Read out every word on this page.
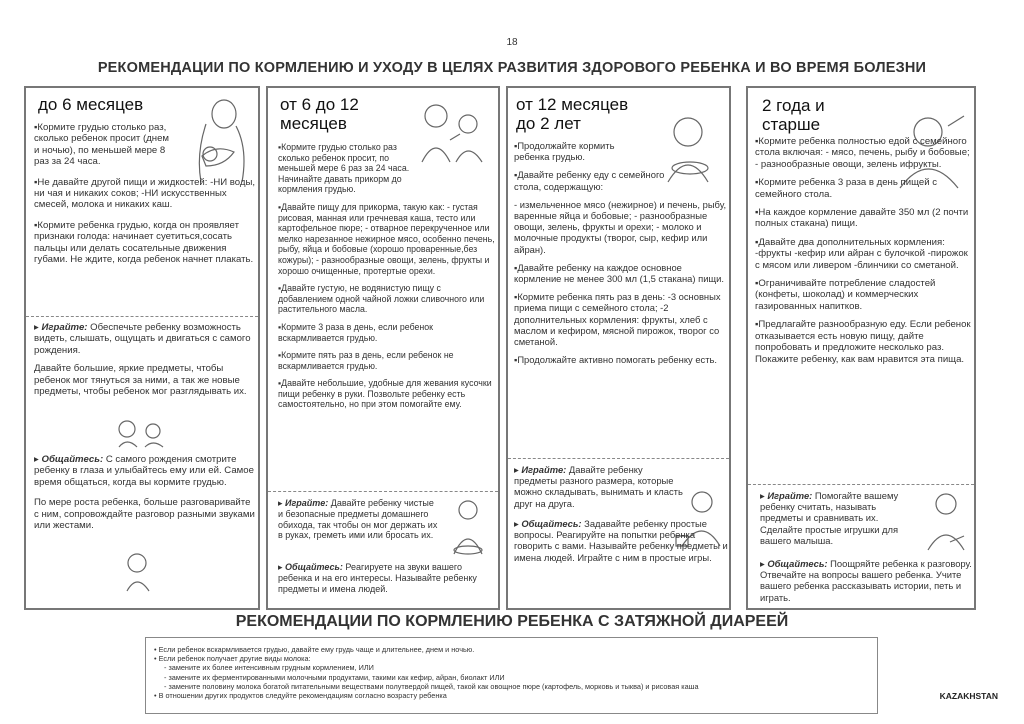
18
РЕКОМЕНДАЦИИ ПО КОРМЛЕНИЮ И УХОДУ В ЦЕЛЯХ РАЗВИТИЯ ЗДОРОВОГО РЕБЕНКА И ВО ВРЕМЯ БОЛЕЗНИ
до 6 месяцев

▪Кормите грудью столько раз, сколько ребенок просит (днем и ночью), по меньшей мере 8 раз за 24 часа.

▪Не давайте другой пищи и жидкостей: -НИ воды, ни чая и никаких соков; -НИ искусственных смесей, молока и никаких каш.

▪Кормите ребенка грудью, когда он проявляет признаки голода: начинает суетиться,сосать пальцы или делать сосательные движения губами. Не ждите, когда ребенок начнет плакать.

▸ Играйте: Обеспечьте ребенку возможность видеть, слышать, ощущать и двигаться с самого рождения.

Давайте большие, яркие предметы, чтобы ребенок мог тянуться за ними, а так же новые предметы, чтобы ребенок мог разглядывать их.

▸ Общайтесь: С самого рождения смотрите ребенку в глаза и улыбайтесь ему или ей. Самое время общаться, когда вы кормите грудью.

По мере роста ребенка, больше разговаривайте с ним, сопровождайте разговор разными звуками или жестами.

от 6 до 12 месяцев

▪Кормите грудью столько раз сколько ребенок просит, по меньшей мере 6 раз за 24 часа. Начинайте давать прикорм до кормления грудью.

▪Давайте пищу для прикорма, такую как: - густая рисовая, манная или гречневая каша, тесто или картофельное пюре; - отварное перекрученное или мелко нарезанное нежирное мясо, особенно печень, рыбу, яйца и бобовые (хорошо проваренные,без кожуры); - разнообразные овощи, зелень, фрукты и хорошо очищенные, протертые орехи.

▪Давайте густую, не водянистую пищу с добавлением одной чайной ложки сливочного или растительного масла.

▪Кормите 3 раза в день, если ребенок вскармливается грудью.

▪Кормите пять раз в день, если ребенок не вскармливается грудью.

▪Давайте небольшие, удобные для жевания кусочки пищи ребенку в руки. Позвольте ребенку есть самостоятельно, но при этом помогайте ему.

▸ Играйте: Давайте ребенку чистые и безопасные предметы домашнего обихода, так чтобы он мог держать их в руках, греметь ими или бросать их.

▸ Общайтесь: Реагируете на звуки вашего ребенка и на его интересы. Называйте ребенку предметы и имена людей.

от 12 месяцев до 2 лет

▪Продолжайте кормить ребенка грудью.

▪Давайте ребенку еду с семейного стола, содержащую:

- измельченное мясо (нежирное) и печень, рыбу, варенные яйца и бобовые; - разнообразные овощи, зелень, фрукты и орехи; - молоко и молочные продукты (творог, сыр, кефир или айран).

▪Давайте ребенку на каждое основное кормление не менее 300 мл (1,5 стакана) пищи.

▪Кормите ребенка пять раз в день: -3 основных приема пищи с семейного стола; -2 дополнительных кормления: фрукты, хлеб с маслом и кефиром, мясной пирожок, творог со сметаной.

▪Продолжайте активно помогать ребенку есть.

▸ Играйте: Давайте ребенку предметы разного размера, которые можно складывать, вынимать и класть друг на друга.

▸ Общайтесь: Задавайте ребенку простые вопросы. Реагируйте на попытки ребенка говорить с вами. Называйте ребенку предметы и имена людей. Играйте с ним в простые игры.

2 года и старше

▪Кормите ребенка полностью едой с семейного стола включая: - мясо, печень, рыбу и бобовые; - разнообразные овощи, зелень ифрукты.

▪Кормите ребенка 3 раза в день пищей с семейного стола.

▪На каждое кормление давайте 350 мл (2 почти полных стакана) пищи.

▪Давайте два дополнительных кормления: -фрукты -кефир или айран с булочкой -пирожок с мясом или ливером -блинчики со сметаной.

▪Ограничивайте потребление сладостей (конфеты, шоколад) и коммерческих газированных напитков.

▪Предлагайте разнообразную еду. Если ребенок отказывается есть новую пищу, дайте попробовать и предложите несколько раз. Покажите ребенку, как вам нравится эта пища.

▸ Играйте: Помогайте вашему ребенку считать, называть предметы и сравнивать их. Сделайте простые игрушки для вашего малыша.

▸ Общайтесь: Поощряйте ребенка к разговору. Отвечайте на вопросы вашего ребенка. Учите вашего ребенка рассказывать истории, петь и играть.

РЕКОМЕНДАЦИИ ПО КОРМЛЕНИЮ РЕБЕНКА С ЗАТЯЖНОЙ ДИАРЕЕЙ
• Если ребенок вскармливается грудью, давайте ему грудь чаще и длительнее, днем и ночью.
• Если ребенок получает другие виды молока:
- замените их более интенсивным грудным кормлением, ИЛИ
- замените их ферментированными молочными продуктами, такими как кефир, айран, биолакт ИЛИ
- замените половину молока богатой питательными веществами полутвердой пищей, такой как овощное пюре (картофель, морковь и тыква) и рисовая каша
• В отношении других продуктов следуйте рекомендациям согласно возрасту ребенка	KAZAKHSTAN
